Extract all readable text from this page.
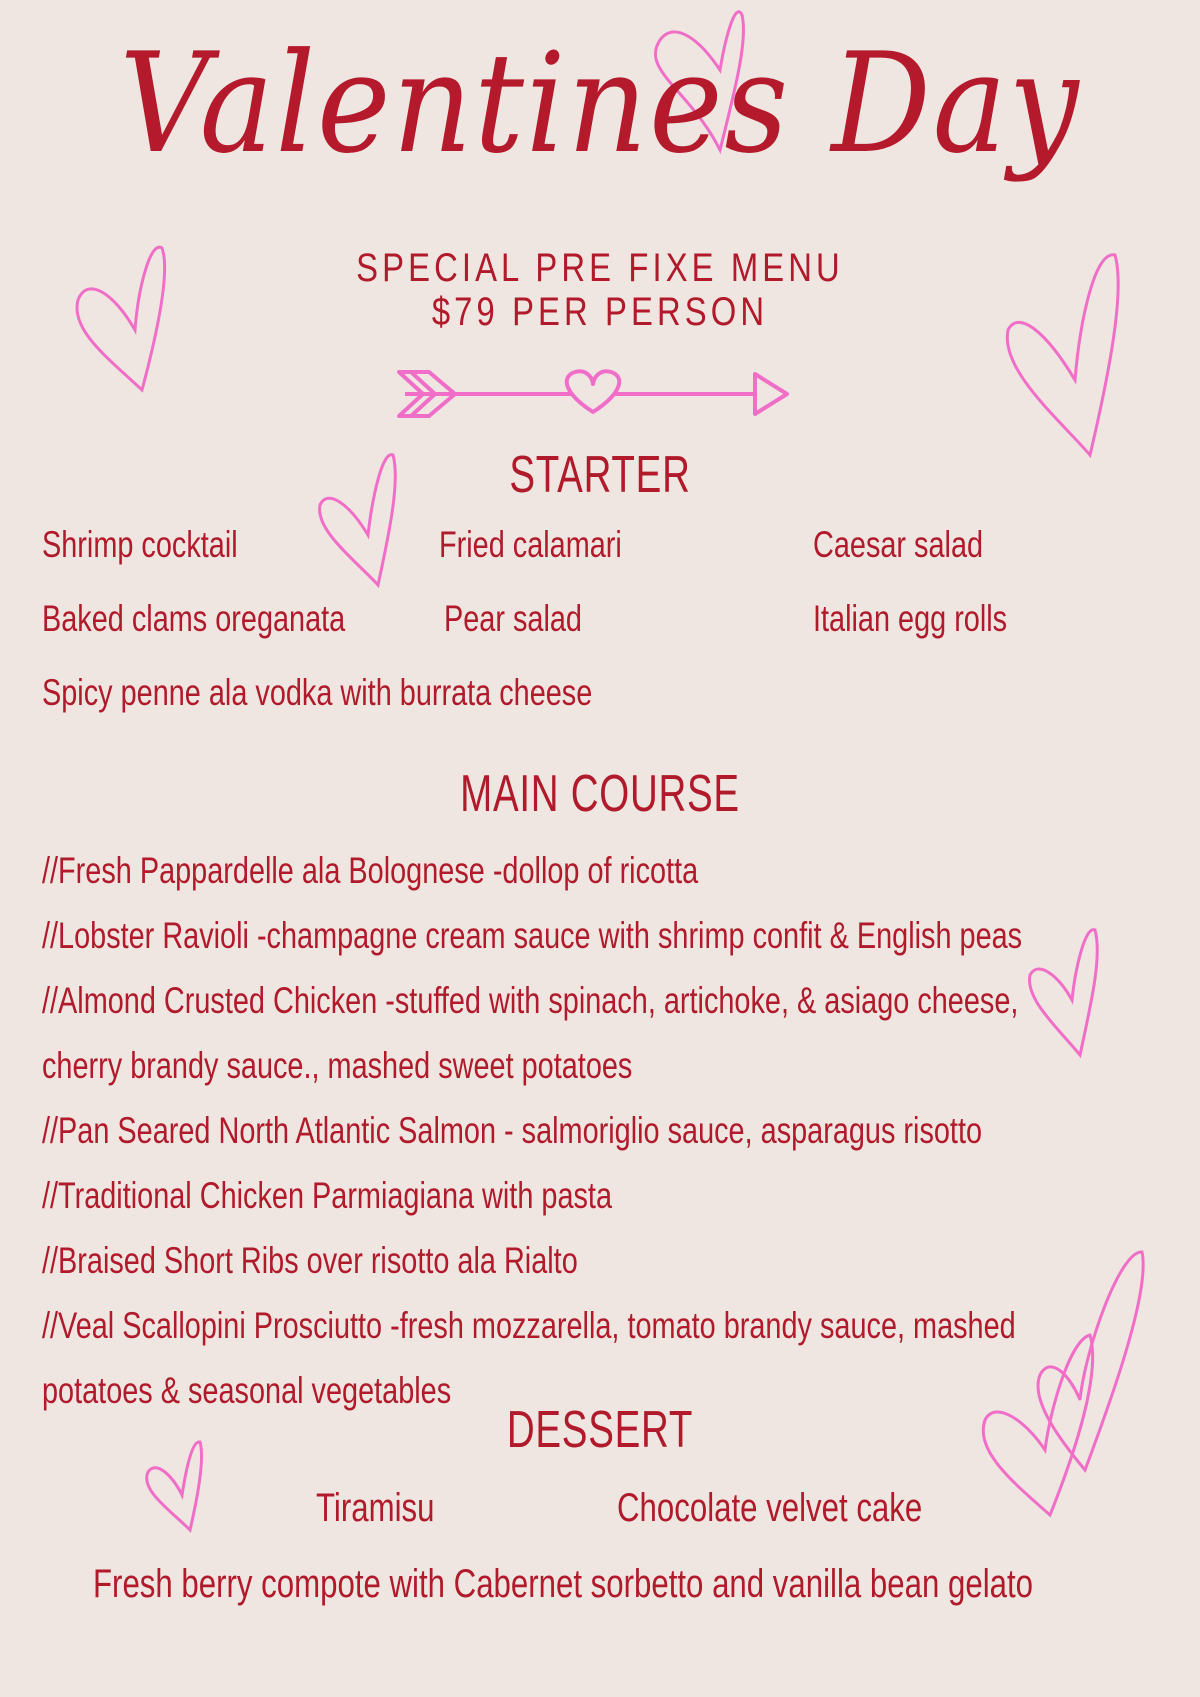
Valentines Day
SPECIAL PRE FIXE MENU
$79 PER PERSON
STARTER
Shrimp cocktail	Fried calamari	Caesar salad
Baked clams oreganata	Pear salad	Italian egg rolls
Spicy penne ala vodka with burrata cheese
MAIN COURSE
//Fresh Pappardelle ala Bolognese -dollop of ricotta
//Lobster Ravioli -champagne cream sauce with shrimp confit & English peas
//Almond Crusted Chicken -stuffed with spinach, artichoke, & asiago cheese,
cherry brandy sauce., mashed sweet potatoes
//Pan Seared North Atlantic Salmon - salmoriglio sauce, asparagus risotto
//Traditional Chicken Parmiagiana with pasta
//Braised Short Ribs over risotto ala Rialto
//Veal Scallopini Prosciutto -fresh mozzarella, tomato brandy sauce, mashed
potatoes & seasonal vegetables
DESSERT
Tiramisu	Chocolate velvet cake
Fresh berry compote with Cabernet sorbetto and vanilla bean gelato
